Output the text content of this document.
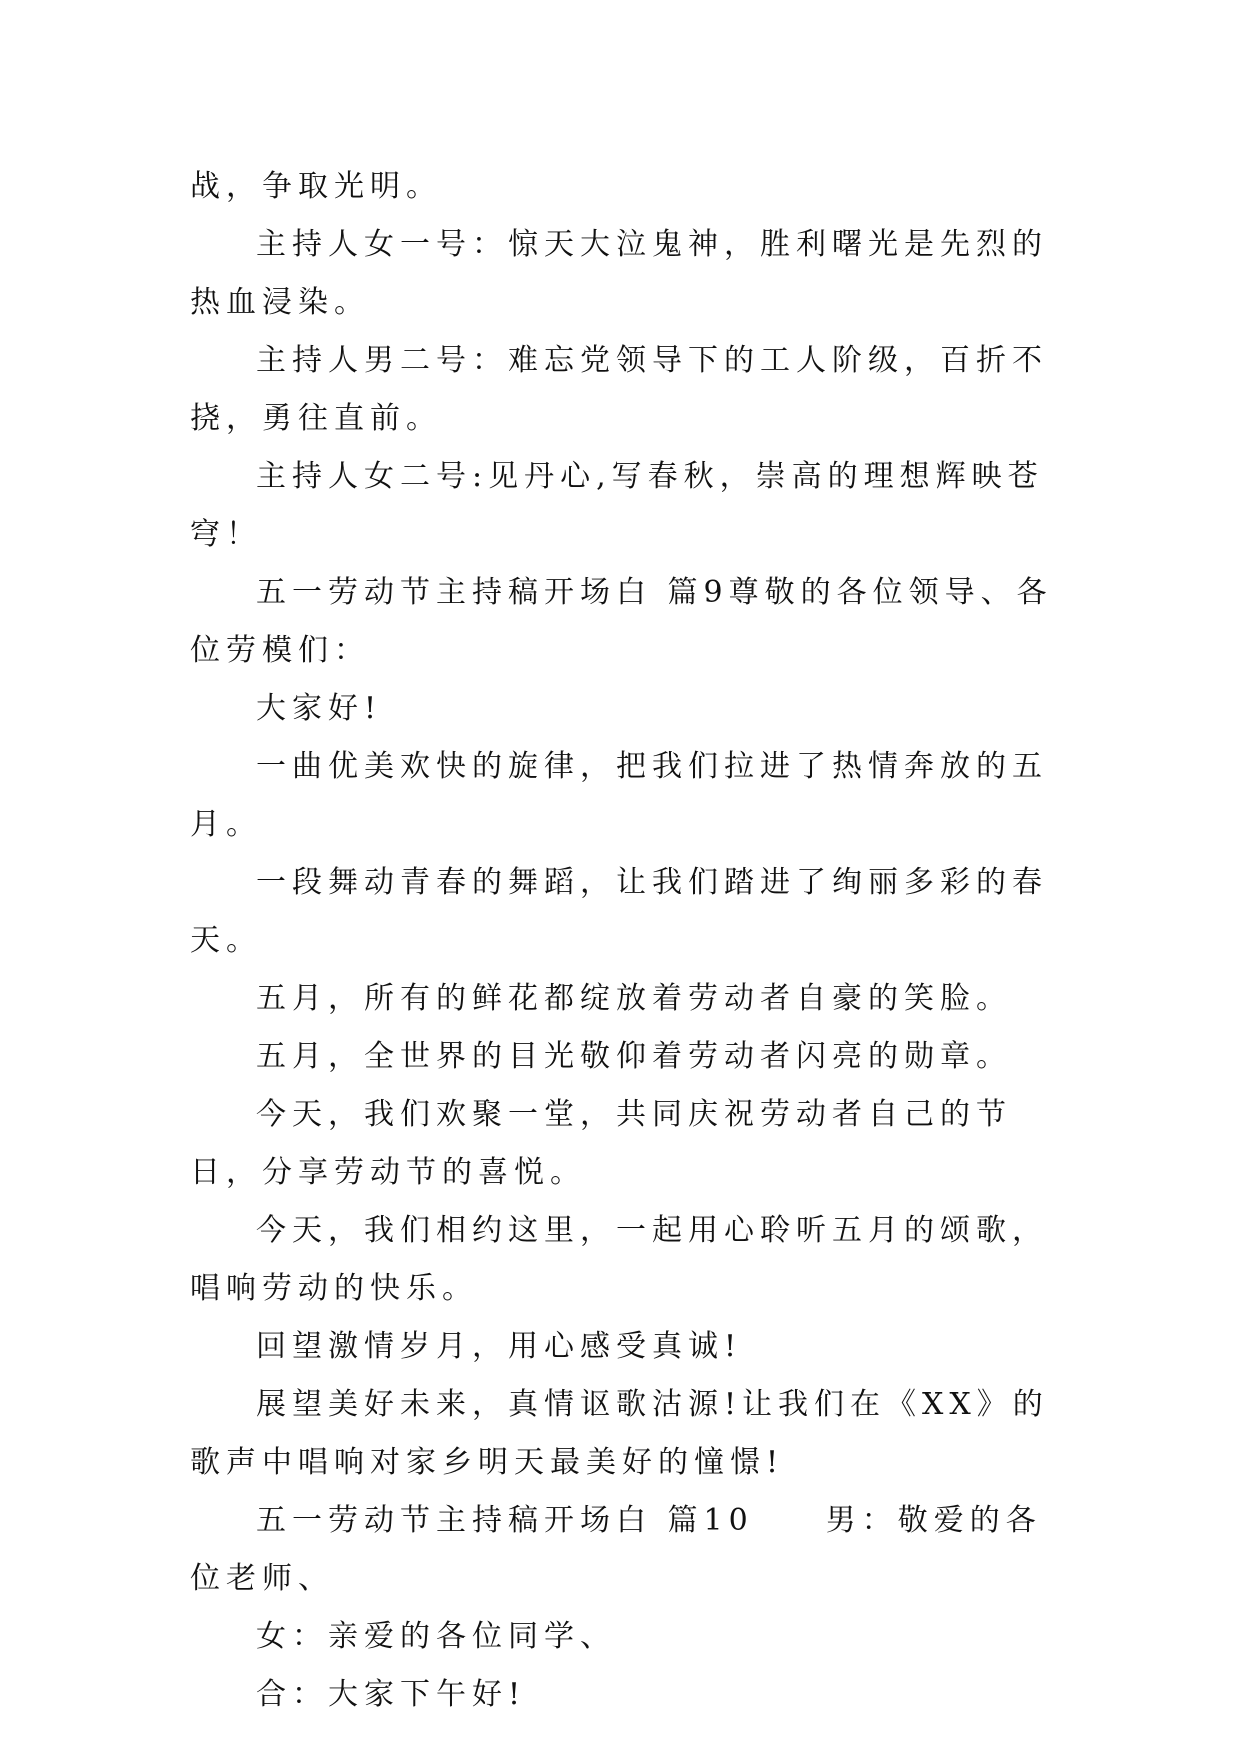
战，争取光明。

主持人女一号：惊天大泣鬼神，胜利曙光是先烈的热血浸染。

主持人男二号：难忘党领导下的工人阶级，百折不挠，勇往直前。

主持人女二号:见丹心,写春秋，崇高的理想辉映苍穹！

五一劳动节主持稿开场白 篇9尊敬的各位领导、各位劳模们：

大家好!

一曲优美欢快的旋律，把我们拉进了热情奔放的五月。

一段舞动青春的舞蹈，让我们踏进了绚丽多彩的春天。

五月，所有的鲜花都绽放着劳动者自豪的笑脸。

五月，全世界的目光敬仰着劳动者闪亮的勋章。

今天，我们欢聚一堂，共同庆祝劳动者自己的节日，分享劳动节的喜悦。

今天，我们相约这里，一起用心聆听五月的颂歌，唱响劳动的快乐。

回望激情岁月，用心感受真诚!

展望美好未来，真情讴歌沽源!让我们在《XX》的歌声中唱响对家乡明天最美好的憧憬!

五一劳动节主持稿开场白 篇10　　男：敬爱的各位老师、

女：亲爱的各位同学、

合：大家下午好!
